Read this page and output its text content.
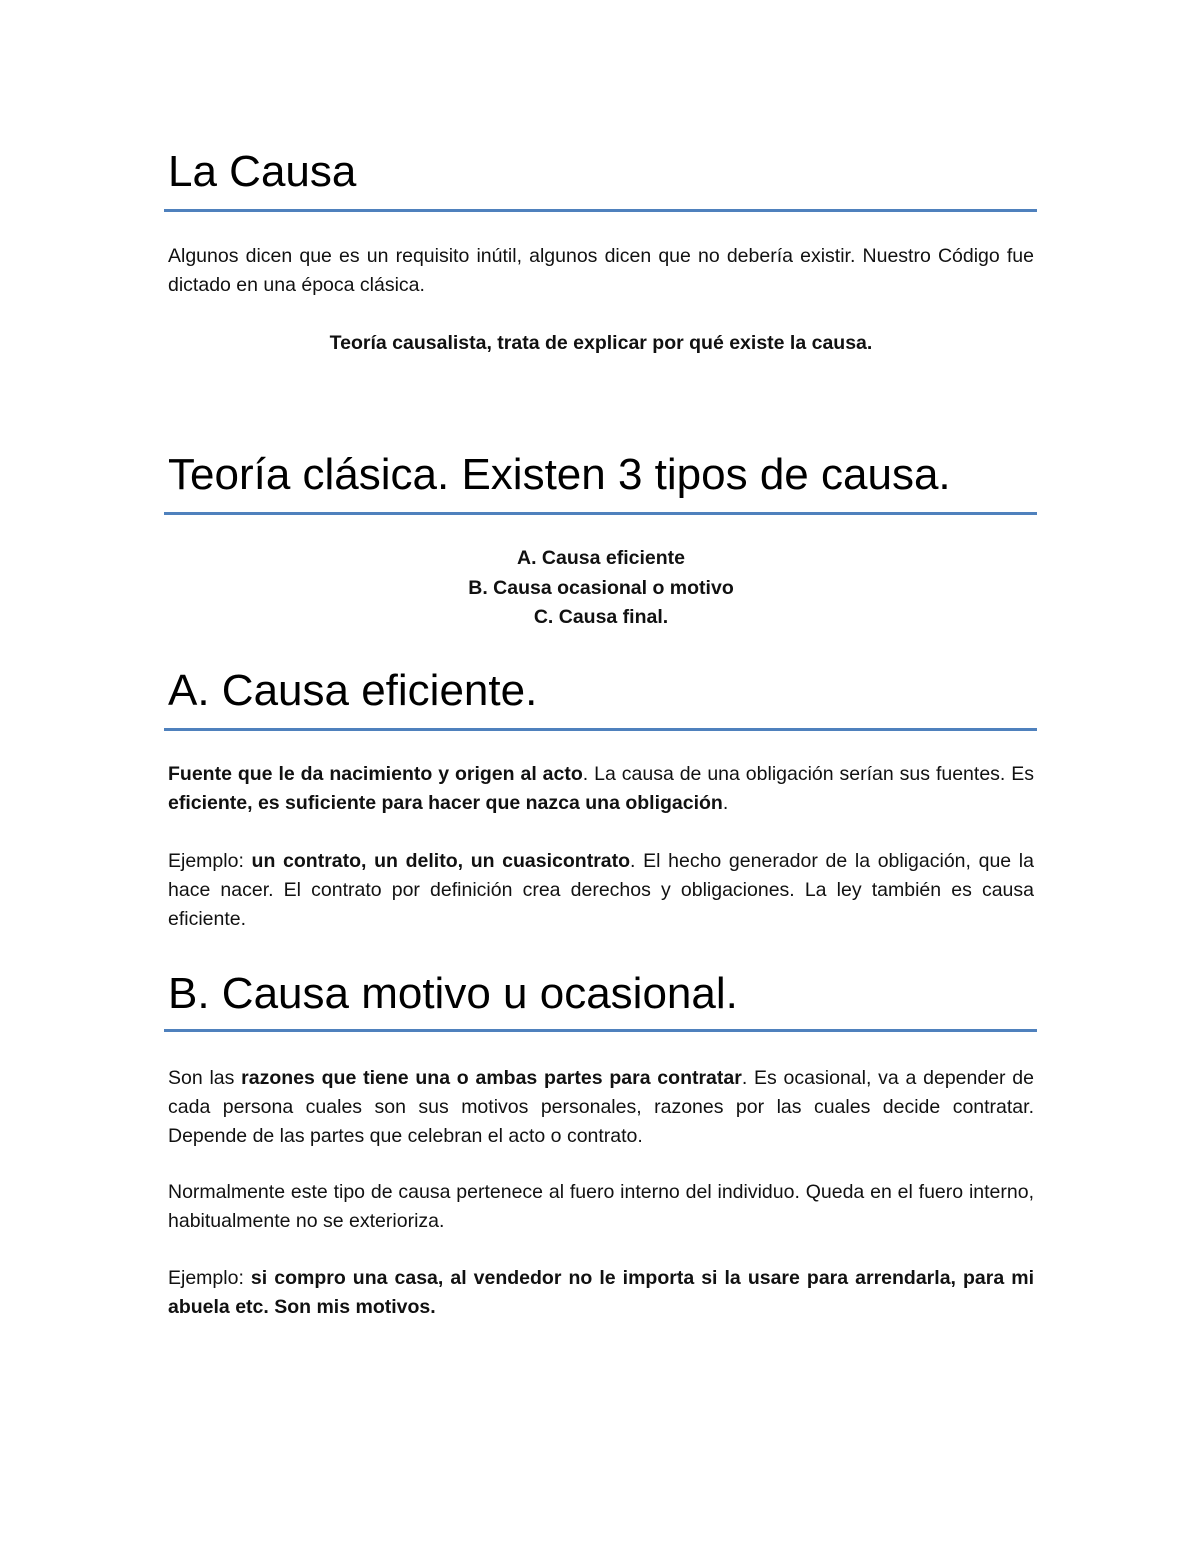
La Causa

Algunos dicen que es un requisito inútil, algunos dicen que no debería existir. Nuestro Código fue dictado en una época clásica.

Teoría causalista, trata de explicar por qué existe la causa.

Teoría clásica. Existen 3 tipos de causa.
A. Causa eficiente
B. Causa ocasional o motivo
C. Causa final.
A. Causa eficiente.

Fuente que le da nacimiento y origen al acto. La causa de una obligación serían sus fuentes. Es eficiente, es suficiente para hacer que nazca una obligación.

Ejemplo: un contrato, un delito, un cuasicontrato. El hecho generador de la obligación, que la hace nacer. El contrato por definición crea derechos y obligaciones. La ley también es causa eficiente.

B. Causa motivo u ocasional.

Son las razones que tiene una o ambas partes para contratar. Es ocasional, va a depender de cada persona cuales son sus motivos personales, razones por las cuales decide contratar. Depende de las partes que celebran el acto o contrato.

Normalmente este tipo de causa pertenece al fuero interno del individuo. Queda en el fuero interno, habitualmente no se exterioriza.

Ejemplo: si compro una casa, al vendedor no le importa si la usare para arrendarla, para mi abuela etc. Son mis motivos.
